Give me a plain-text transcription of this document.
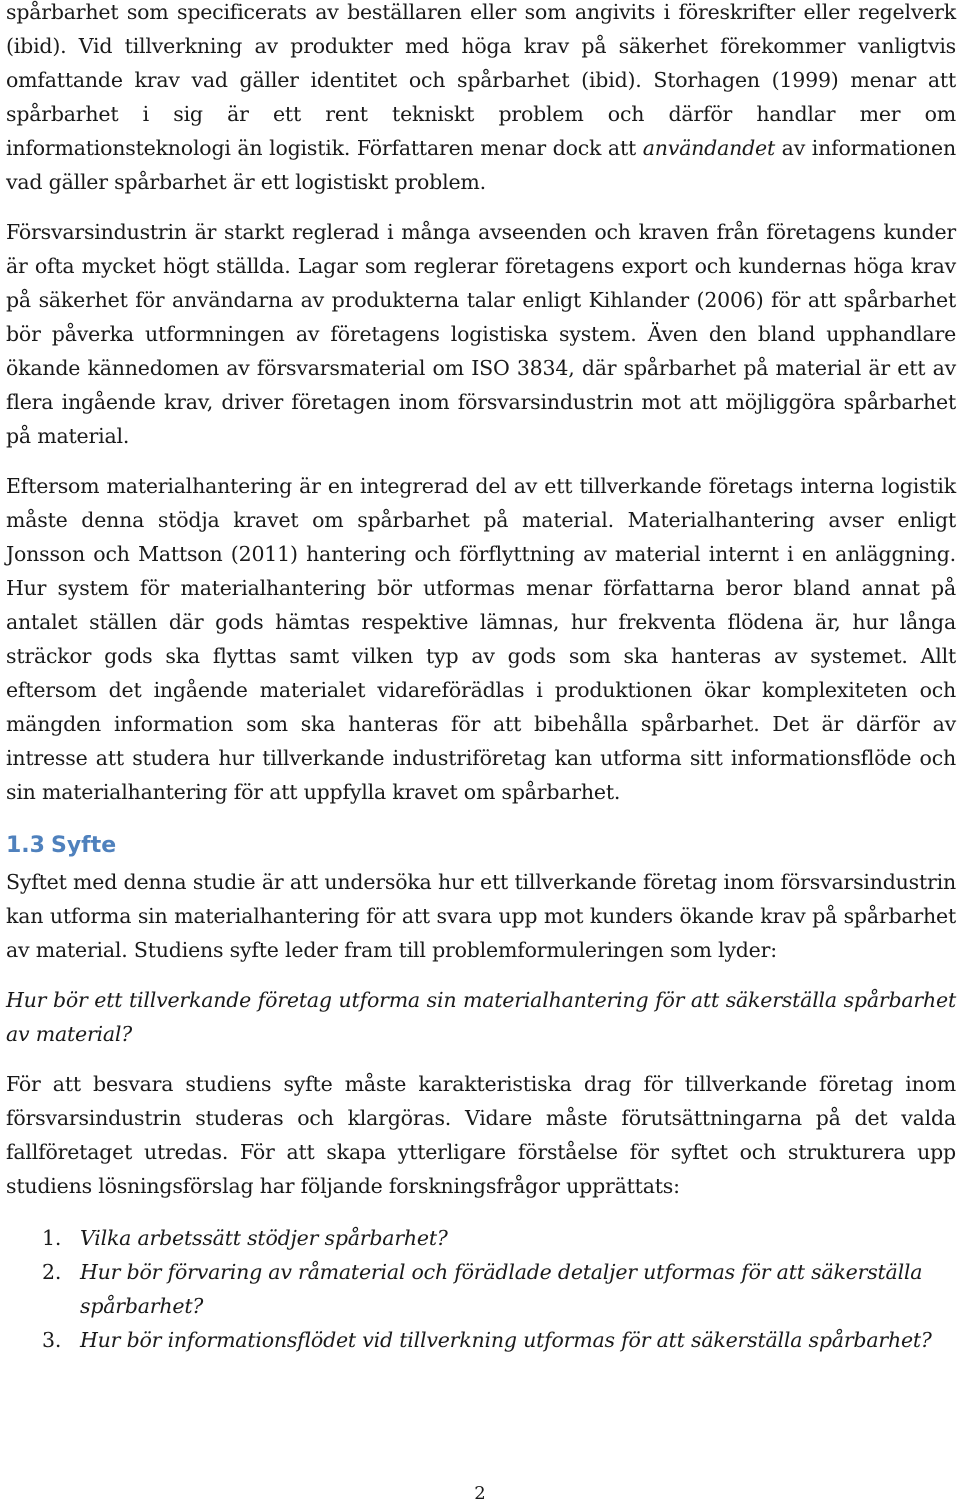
spårbarhet som specificerats av beställaren eller som angivits i föreskrifter eller regelverk (ibid). Vid tillverkning av produkter med höga krav på säkerhet förekommer vanligtvis omfattande krav vad gäller identitet och spårbarhet (ibid). Storhagen (1999) menar att spårbarhet i sig är ett rent tekniskt problem och därför handlar mer om informationsteknologi än logistik. Författaren menar dock att användandet av informationen vad gäller spårbarhet är ett logistiskt problem.

Försvarsindustrin är starkt reglerad i många avseenden och kraven från företagens kunder är ofta mycket högt ställda. Lagar som reglerar företagens export och kundernas höga krav på säkerhet för användarna av produkterna talar enligt Kihlander (2006) för att spårbarhet bör påverka utformningen av företagens logistiska system. Även den bland upphandlare ökande kännedomen av försvarsmaterial om ISO 3834, där spårbarhet på material är ett av flera ingående krav, driver företagen inom försvarsindustrin mot att möjliggöra spårbarhet på material.

Eftersom materialhantering är en integrerad del av ett tillverkande företags interna logistik måste denna stödja kravet om spårbarhet på material. Materialhantering avser enligt Jonsson och Mattson (2011) hantering och förflyttning av material internt i en anläggning. Hur system för materialhantering bör utformas menar författarna beror bland annat på antalet ställen där gods hämtas respektive lämnas, hur frekventa flödena är, hur långa sträckor gods ska flyttas samt vilken typ av gods som ska hanteras av systemet. Allt eftersom det ingående materialet vidareförädlas i produktionen ökar komplexiteten och mängden information som ska hanteras för att bibehålla spårbarhet. Det är därför av intresse att studera hur tillverkande industriföretag kan utforma sitt informationsflöde och sin materialhantering för att uppfylla kravet om spårbarhet.

1.3 Syfte

Syftet med denna studie är att undersöka hur ett tillverkande företag inom försvarsindustrin kan utforma sin materialhantering för att svara upp mot kunders ökande krav på spårbarhet av material. Studiens syfte leder fram till problemformuleringen som lyder:

Hur bör ett tillverkande företag utforma sin materialhantering för att säkerställa spårbarhet av material?

För att besvara studiens syfte måste karakteristiska drag för tillverkande företag inom försvarsindustrin studeras och klargöras. Vidare måste förutsättningarna på det valda fallföretaget utredas. För att skapa ytterligare förståelse för syftet och strukturera upp studiens lösningsförslag har följande forskningsfrågor upprättats:

1. Vilka arbetssätt stödjer spårbarhet?
2. Hur bör förvaring av råmaterial och förädlade detaljer utformas för att säkerställa spårbarhet?
3. Hur bör informationsflödet vid tillverkning utformas för att säkerställa spårbarhet?
2
